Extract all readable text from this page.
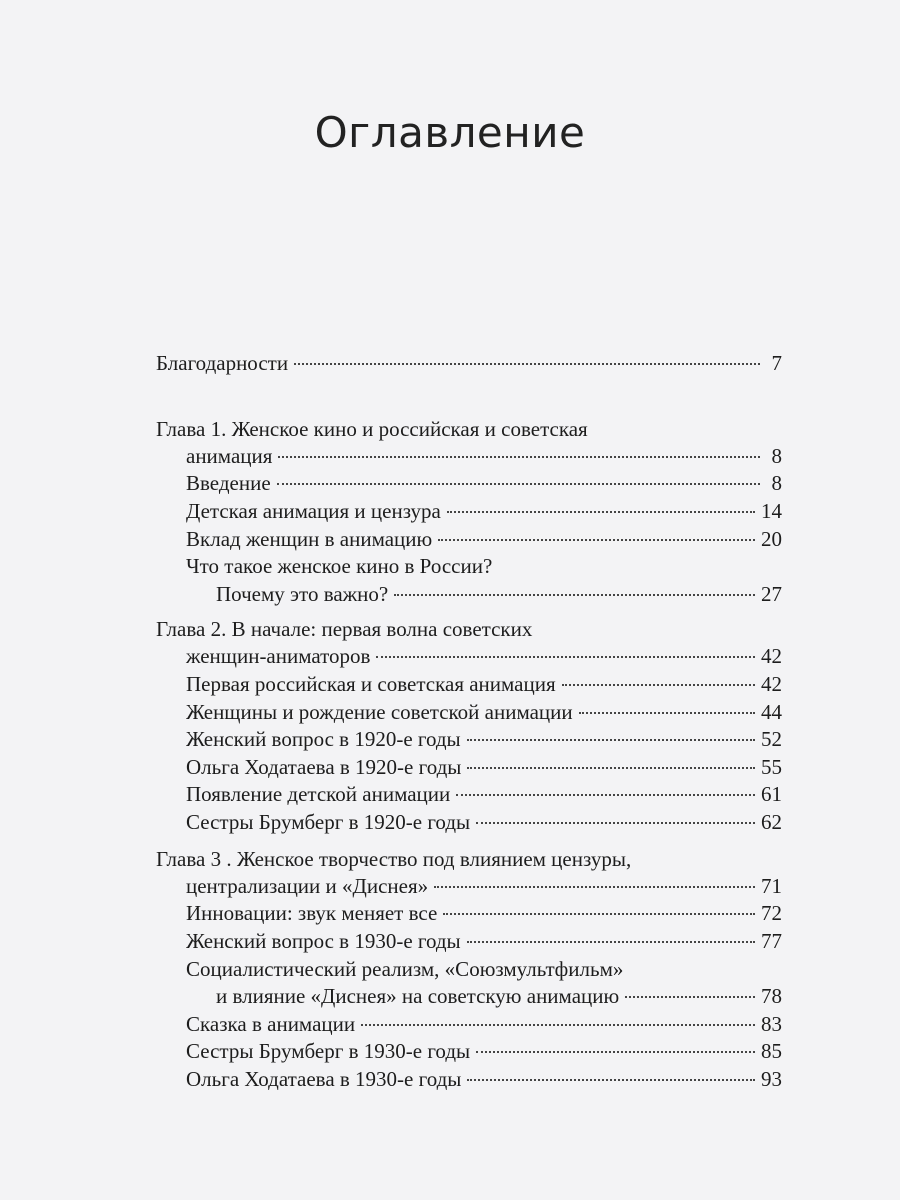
Оглавление
Благодарности	7
Глава 1. Женское кино и российская и советская
анимация	8
Введение	8
Детская анимация и цензура	14
Вклад женщин в анимацию	20
Что такое женское кино в России?
Почему это важно?	27
Глава 2. В начале: первая волна советских
женщин-аниматоров	42
Первая российская и советская анимация	42
Женщины и рождение советской анимации	44
Женский вопрос в 1920-е годы	52
Ольга Ходатаева в 1920-е годы	55
Появление детской анимации	61
Сестры Брумберг в 1920-е годы	62
Глава 3 . Женское творчество под влиянием цензуры,
централизации и «Диснея»	71
Инновации: звук меняет все	72
Женский вопрос в 1930-е годы	77
Социалистический реализм, «Союзмультфильм»
и влияние «Диснея» на советскую анимацию	78
Сказка в анимации	83
Сестры Брумберг в 1930-е годы	85
Ольга Ходатаева в 1930-е годы	93
